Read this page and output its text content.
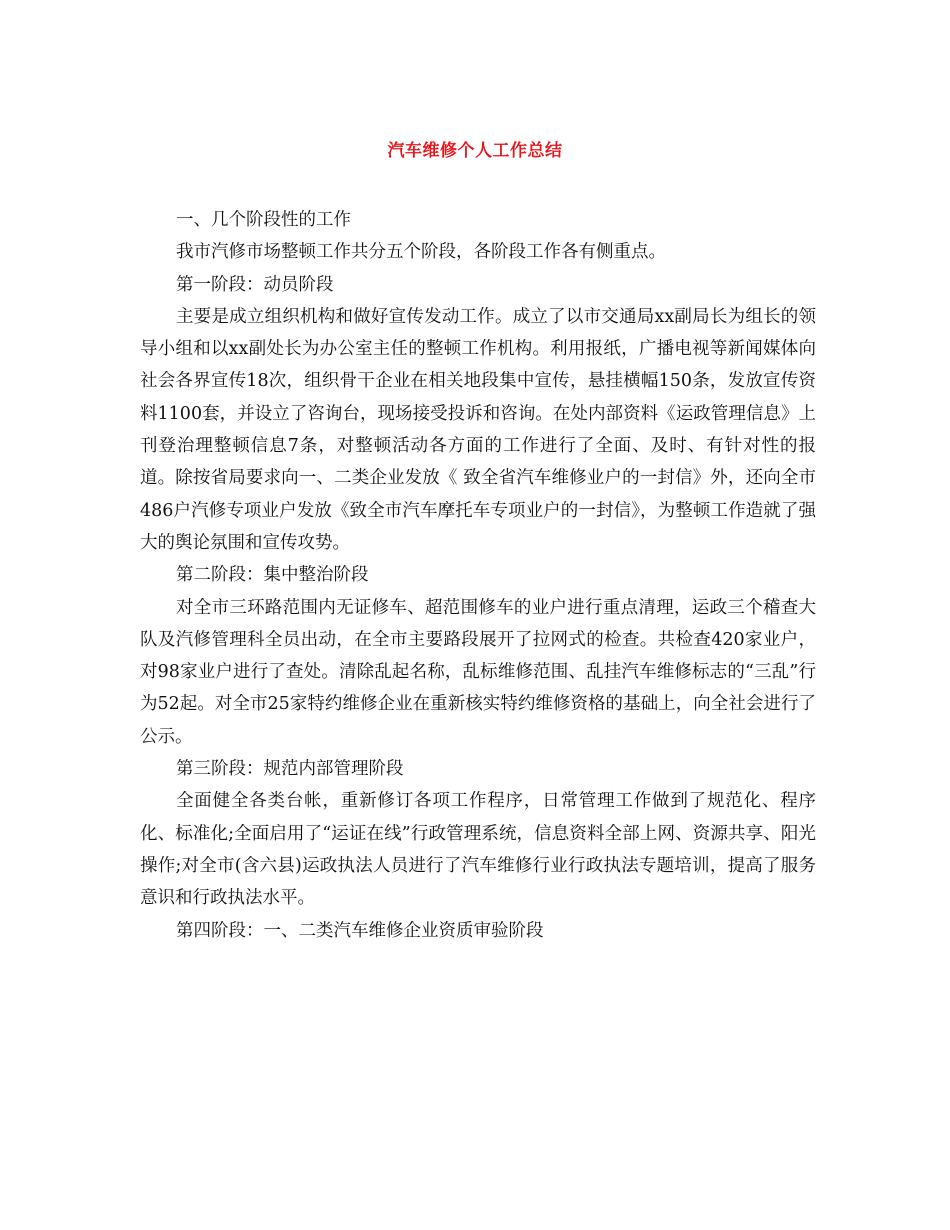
汽车维修个人工作总结

一、几个阶段性的工作

我市汽修市场整顿工作共分五个阶段，各阶段工作各有侧重点。

第一阶段：动员阶段

主要是成立组织机构和做好宣传发动工作。成立了以市交通局xx副局长为组长的领导小组和以xx副处长为办公室主任的整顿工作机构。利用报纸，广播电视等新闻媒体向社会各界宣传18次，组织骨干企业在相关地段集中宣传，悬挂横幅150条，发放宣传资料1100套，并设立了咨询台，现场接受投诉和咨询。在处内部资料《运政管理信息》上刊登治理整顿信息7条，对整顿活动各方面的工作进行了全面、及时、有针对性的报道。除按省局要求向一、二类企业发放《 致全省汽车维修业户的一封信》外，还向全市486户汽修专项业户发放《致全市汽车摩托车专项业户的一封信》，为整顿工作造就了强大的舆论氛围和宣传攻势。

第二阶段：集中整治阶段

对全市三环路范围内无证修车、超范围修车的业户进行重点清理，运政三个稽查大队及汽修管理科全员出动，在全市主要路段展开了拉网式的检查。共检查420家业户，对98家业户进行了查处。清除乱起名称，乱标维修范围、乱挂汽车维修标志的“三乱”行为52起。对全市25家特约维修企业在重新核实特约维修资格的基础上，向全社会进行了公示。

第三阶段：规范内部管理阶段

全面健全各类台帐，重新修订各项工作程序，日常管理工作做到了规范化、程序化、标准化;全面启用了“运证在线”行政管理系统，信息资料全部上网、资源共享、阳光操作;对全市(含六县)运政执法人员进行了汽车维修行业行政执法专题培训，提高了服务意识和行政执法水平。

第四阶段：一、二类汽车维修企业资质审验阶段
